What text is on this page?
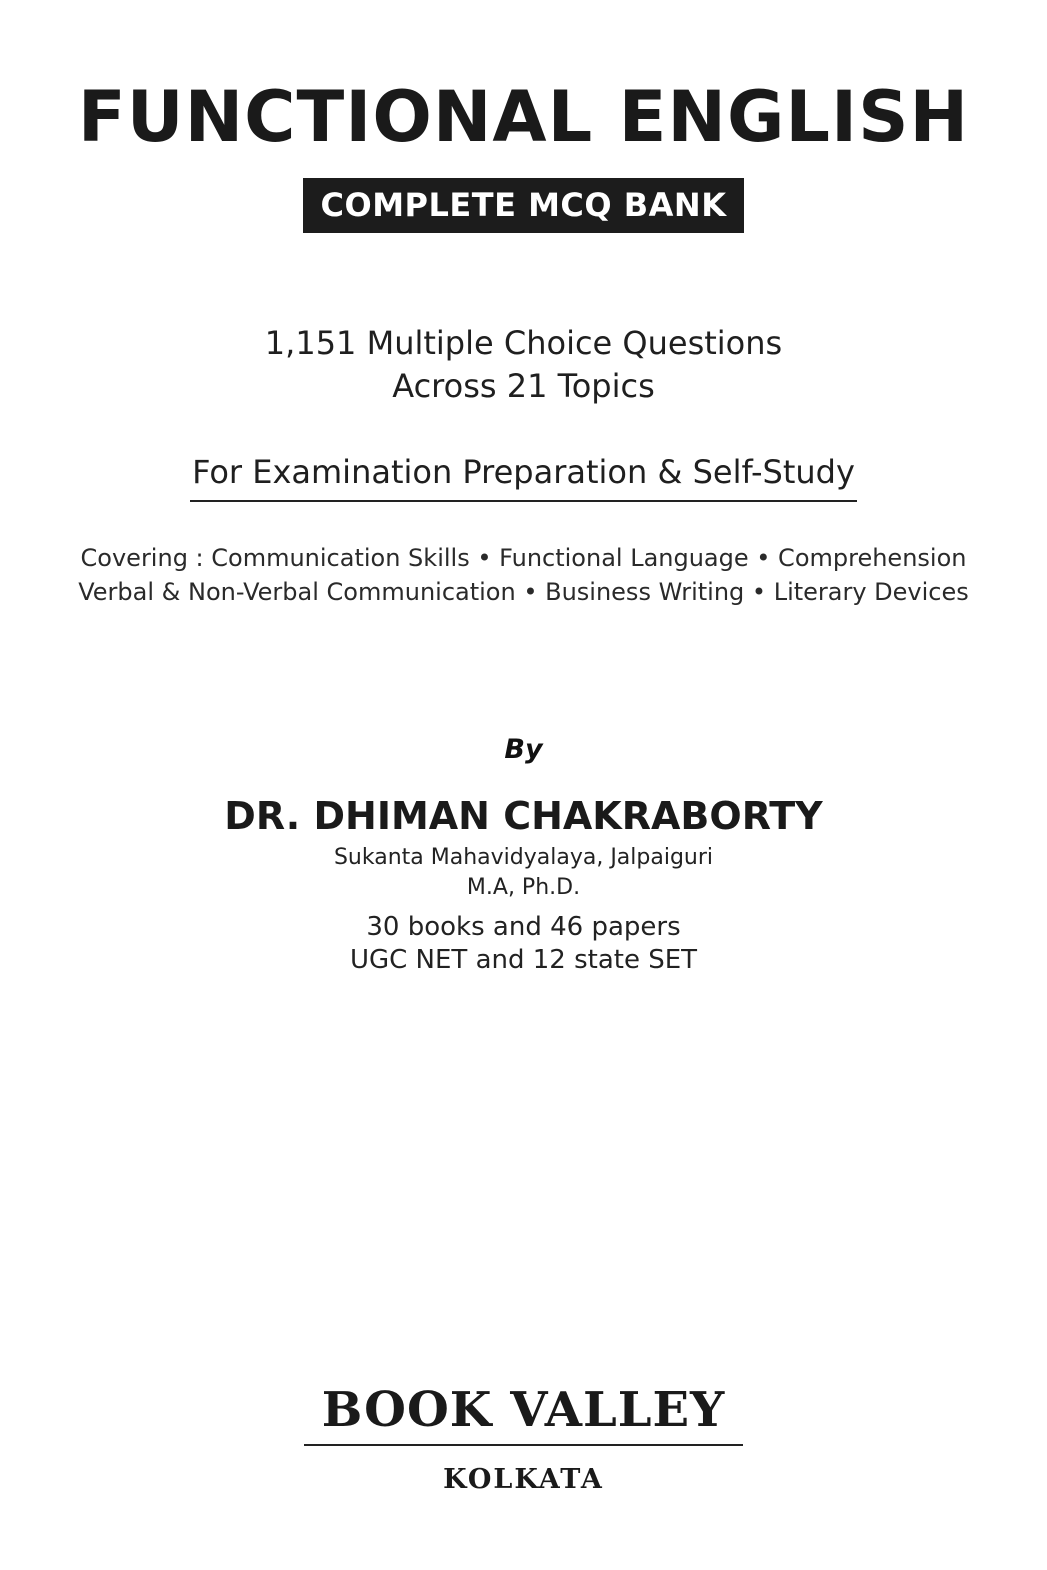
FUNCTIONAL ENGLISH
COMPLETE MCQ BANK
1,151 Multiple Choice Questions
Across 21 Topics
For Examination Preparation & Self-Study
Covering : Communication Skills • Functional Language • Comprehension
Verbal & Non-Verbal Communication • Business Writing • Literary Devices
By
DR. DHIMAN CHAKRABORTY
Sukanta Mahavidyalaya, Jalpaiguri
M.A, Ph.D.
30 books and 46 papers
UGC NET and 12 state SET
BOOK VALLEY
KOLKATA
